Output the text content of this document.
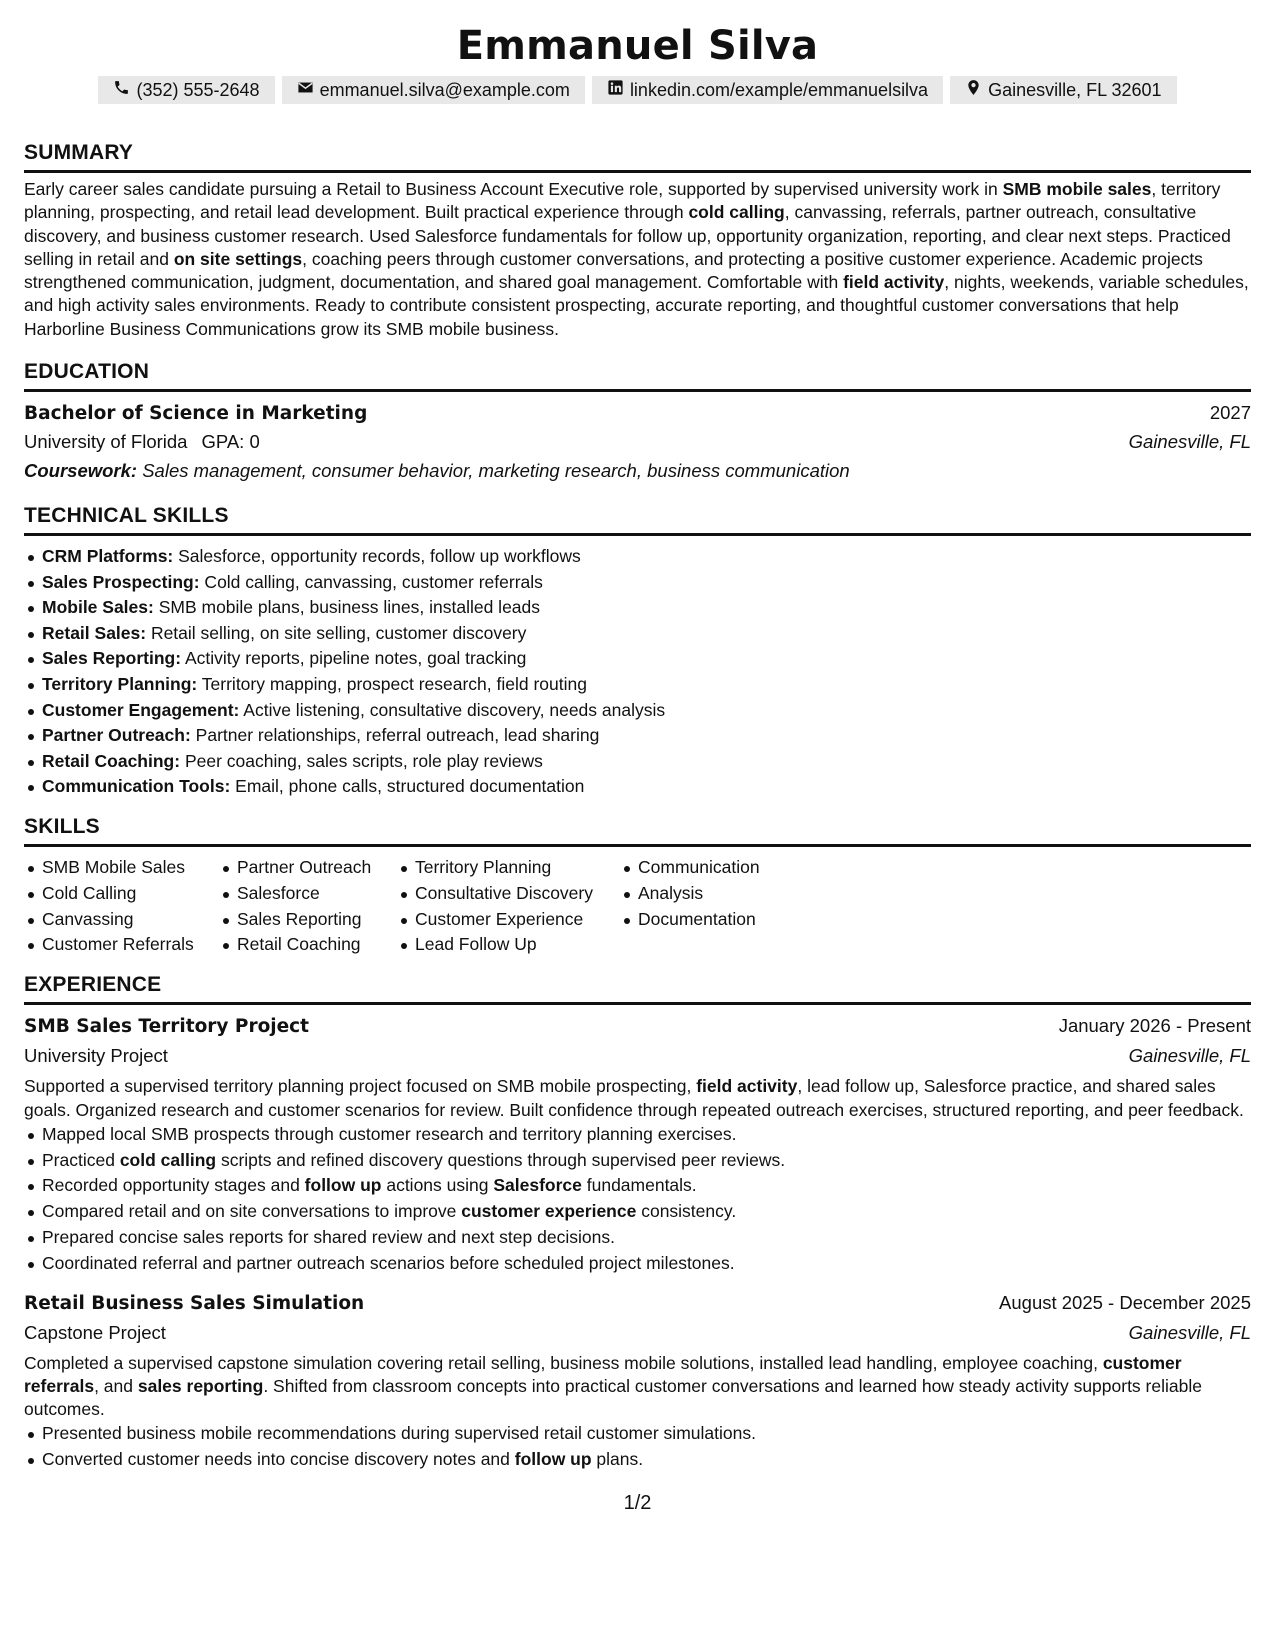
Emmanuel Silva
(352) 555-2648	emmanuel.silva@example.com	linkedin.com/example/emmanuelsilva	Gainesville, FL 32601
SUMMARY

Early career sales candidate pursuing a Retail to Business Account Executive role, supported by supervised university work in SMB mobile sales, territory planning, prospecting, and retail lead development. Built practical experience through cold calling, canvassing, referrals, partner outreach, consultative discovery, and business customer research. Used Salesforce fundamentals for follow up, opportunity organization, reporting, and clear next steps. Practiced selling in retail and on site settings, coaching peers through customer conversations, and protecting a positive customer experience. Academic projects strengthened communication, judgment, documentation, and shared goal management. Comfortable with field activity, nights, weekends, variable schedules, and high activity sales environments. Ready to contribute consistent prospecting, accurate reporting, and thoughtful customer conversations that help Harborline Business Communications grow its SMB mobile business.

EDUCATION
Bachelor of Science in Marketing	2027
University of Florida GPA: 0	Gainesville, FL
Coursework: Sales management, consumer behavior, marketing research, business communication
TECHNICAL SKILLS
CRM Platforms: Salesforce, opportunity records, follow up workflows
Sales Prospecting: Cold calling, canvassing, customer referrals
Mobile Sales: SMB mobile plans, business lines, installed leads
Retail Sales: Retail selling, on site selling, customer discovery
Sales Reporting: Activity reports, pipeline notes, goal tracking
Territory Planning: Territory mapping, prospect research, field routing
Customer Engagement: Active listening, consultative discovery, needs analysis
Partner Outreach: Partner relationships, referral outreach, lead sharing
Retail Coaching: Peer coaching, sales scripts, role play reviews
Communication Tools: Email, phone calls, structured documentation
SKILLS
SMB Mobile Sales
Cold Calling
Canvassing
Customer Referrals
Partner Outreach
Salesforce
Sales Reporting
Retail Coaching
Territory Planning
Consultative Discovery
Customer Experience
Lead Follow Up
Communication
Analysis
Documentation
EXPERIENCE
SMB Sales Territory Project	January 2026 - Present
University Project	Gainesville, FL

Supported a supervised territory planning project focused on SMB mobile prospecting, field activity, lead follow up, Salesforce practice, and shared sales goals. Organized research and customer scenarios for review. Built confidence through repeated outreach exercises, structured reporting, and peer feedback.

Mapped local SMB prospects through customer research and territory planning exercises.
Practiced cold calling scripts and refined discovery questions through supervised peer reviews.
Recorded opportunity stages and follow up actions using Salesforce fundamentals.
Compared retail and on site conversations to improve customer experience consistency.
Prepared concise sales reports for shared review and next step decisions.
Coordinated referral and partner outreach scenarios before scheduled project milestones.
Retail Business Sales Simulation	August 2025 - December 2025
Capstone Project	Gainesville, FL

Completed a supervised capstone simulation covering retail selling, business mobile solutions, installed lead handling, employee coaching, customer referrals, and sales reporting. Shifted from classroom concepts into practical customer conversations and learned how steady activity supports reliable outcomes.

Presented business mobile recommendations during supervised retail customer simulations.
Converted customer needs into concise discovery notes and follow up plans.
1/2
